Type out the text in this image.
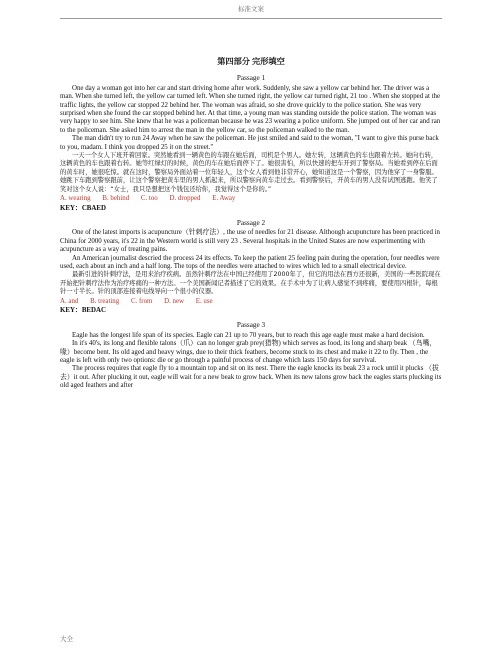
标准文案
第四部分 完形填空
Passage 1

One day a woman got into her car and start driving home after work. Suddenly, she saw a yellow car behind her. The driver was a man. When she turned left, the yellow car turned left. When she turned right, the yellow car turned right, 21 too . When she stopped at the traffic lights, the yellow car stopped 22 behind her. The woman was afraid, so she drove quickly to the police station. She was very surprised when she found the car stopped behind her. At that time, a young man was standing outside the police station. The woman was very happy to see him. She knew that he was a policeman because he was 23 wearing a police uniform. She jumped out of her car and ran to the policeman. She asked him to arrest the man in the yellow car, so the policeman walked to the man.

The man didn't try to run 24 Away when he saw the policeman. He just smiled and said to the woman, "I want to give this purse back to you, madam. I think you dropped 25 it on the street."

一天一个女人下班开着回家。突然她看到一辆黄色的车跟在她后面，司机是个男人。她左转，这辆黄色的车也跟着左转。她向右转，这辆黄色的车也跟着右转。她等红绿灯的时候，黄色的车在她后面停下了。她很害怕，所以快速的把车开到了警察局。当她看到停在后面的黄车时，她很吃惊。就在这时，警察局外面站着一位年轻人，这个女人看到他非常开心，她知道这是一个警察，因为他穿了一身警服。她跳下车跑到警察跟前，让这个警察把黄车里的男人抓起来，所以警察向黄车走过去。看到警察后，开黄车的男人没有试图逃跑。他笑了笑对这个女人说：“女士，我只是想把这个钱包还给你，我觉得这个是你的。”

A. wearing B. behind C. too D. dropped E. Away
KEY：CBAED
Passage 2

One of the latest imports is acupuncture（针刺疗法）, the use of needles for 21 disease. Although acupuncture has been practiced in China for 2000 years, it's 22 in the Western world is still very 23 . Several hospitals in the United States are now experimenting with acupuncture as a way of treating pains.

An American journalist descried the process 24 its effects. To keep the patient 25 feeling pain during the operation, four needles were used, each about an inch and a half long. The tops of the needles were attached to wires which led to a small electrical device.

最新引进的针刺疗法，是用来治疗疾病。虽然针刺疗法在中国已经使用了2000年了，但它的用法在西方还很新，美国的一些医院现在开始把针刺疗法作为治疗疼痛的一种方法。一个美国新闻记者描述了它的效果。在手术中为了让病人感觉不到疼痛，要使用四根针，每根针一寸半长。针的顶部连接着电线导向一个很小的仪器。

A. and B. treating C. from D. new E. use
KEY：BEDAC
Passage 3

Eagle has the longest life span of its species. Eagle can 21 up to 70 years, but to reach this age eagle must make a hard decision.

In it's 40's, its long and flexible talons（爪）can no longer grab prey(猎物) which serves as food, its long and sharp beak （鸟嘴，喙）become bent. Its old aged and heavy wings, due to their thick feathers, become stuck to its chest and make it 22 to fly. Then , the eagle is left with only two options: die or go through a painful process of change which lasts 150 days for survival.

The process requires that eagle fly to a mountain top and sit on its nest. There the eagle knocks its beak 23 a rock until it plucks （拔去）it out. After plucking it out, eagle will wait for a new beak to grow back. When its new talons grow back the eagles starts plucking its old aged feathers and after

大全
